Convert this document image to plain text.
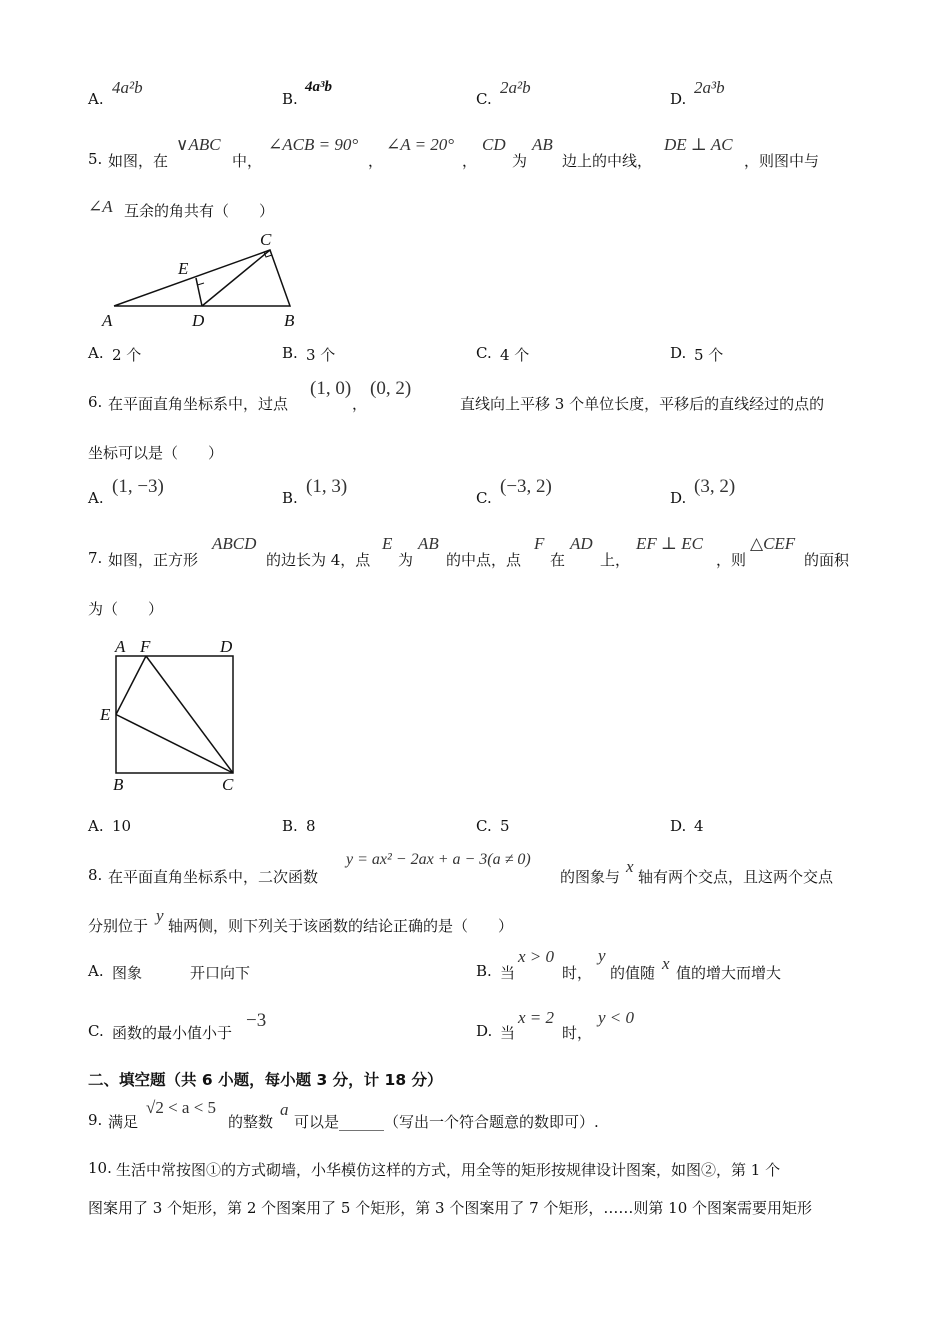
A.
4a²b
B.
4a³b
C.
2a²b
D.
2a³b
5. 如图，在
∨ABC
中，
∠ACB = 90°
，
∠A = 20°
，
CD
为
AB
边上的中线，
DE ⊥ AC
，则图中与
∠A 互余的角共有（　　）
A	B
C
D
E
A. 2 个	B. 3 个	C. 4 个	D. 5 个
6. 在平面直角坐标系中，过点
(1, 0)
，
(0, 2)
直线向上平移 3 个单位长度，平移后的直线经过的点的
坐标可以是（　　）
A.
(1, −3)
B.
(1, 3)
C.
(−3, 2)
D.
(3, 2)
7. 如图，正方形
ABCD
的边长为 4，点
E
为
AB
的中点，点
F
在
AD
上，
EF ⊥ EC
，则
△CEF
的面积
为（　　）
A F	D
E
B	C
A. 10	B. 8	C. 5	D. 4
8. 在平面直角坐标系中，二次函数
y = ax² − 2ax + a − 3(a ≠ 0)
的图象与
x
轴有两个交点，且这两个交点
分别位于
y
轴两侧，则下列关于该函数的结论正确的是（　　）
A. 图象	开口向下	B. 当
x > 0
时，
y
的值随 x 值的增大而增大
C. 函数的最小值小于
−3	D. 当
x = 2
时，
y < 0
二、填空题（共 6 小题，每小题 3 分，计 18 分）
9. 满足
√2 < a < 5
的整数
a
可以是______（写出一个符合题意的数即可）.
10. 生活中常按图①的方式砌墙，小华模仿这样的方式，用全等的矩形按规律设计图案，如图②，第 1 个
图案用了 3 个矩形，第 2 个图案用了 5 个矩形，第 3 个图案用了 7 个矩形，……则第 10 个图案需要用矩形
